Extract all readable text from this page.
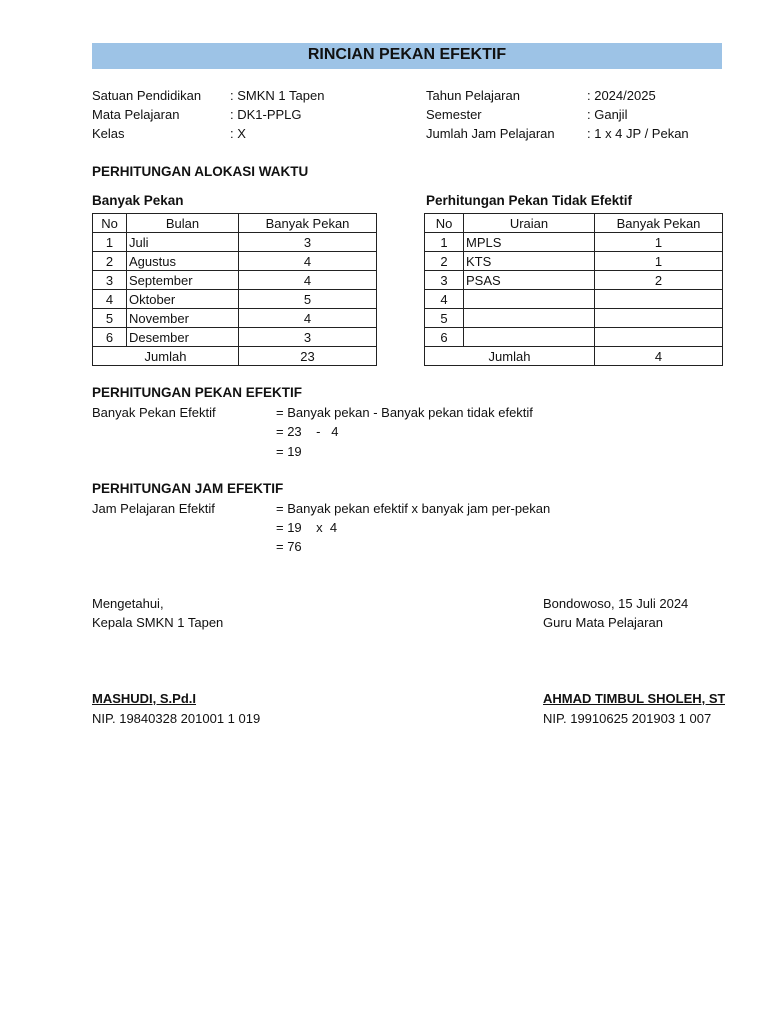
RINCIAN PEKAN EFEKTIF
Satuan Pendidikan : SMKN 1 Tapen
Mata Pelajaran	: DK1-PPLG
Kelas	: X
Tahun Pelajaran	: 2024/2025
Semester	: Ganjil
Jumlah Jam Pelajaran : 1 x 4 JP / Pekan
PERHITUNGAN ALOKASI WAKTU
Banyak Pekan	Perhitungan Pekan Tidak Efektif
No	Bulan	Banyak Pekan
1	Juli	3
2	Agustus	4
3	September	4
4	Oktober	5
5	November	4
6	Desember	3
Jumlah		23
No	Uraian	Banyak Pekan
1	MPLS	1
2	KTS	1
3	PSAS	2
4		
5		
6		
Jumlah		4
PERHITUNGAN PEKAN EFEKTIF
Banyak Pekan Efektif	= Banyak pekan - Banyak pekan tidak efektif
= 23    -   4
= 19
PERHITUNGAN JAM EFEKTIF
Jam Pelajaran Efektif	= Banyak pekan efektif x banyak jam per-pekan
= 19    x  4
= 76
Mengetahui,
Kepala SMKN 1 Tapen
MASHUDI, S.Pd.I
NIP. 19840328 201001 1 019
Bondowoso, 15 Juli 2024
Guru Mata Pelajaran
AHMAD TIMBUL SHOLEH, ST
NIP. 19910625 201903 1 007
